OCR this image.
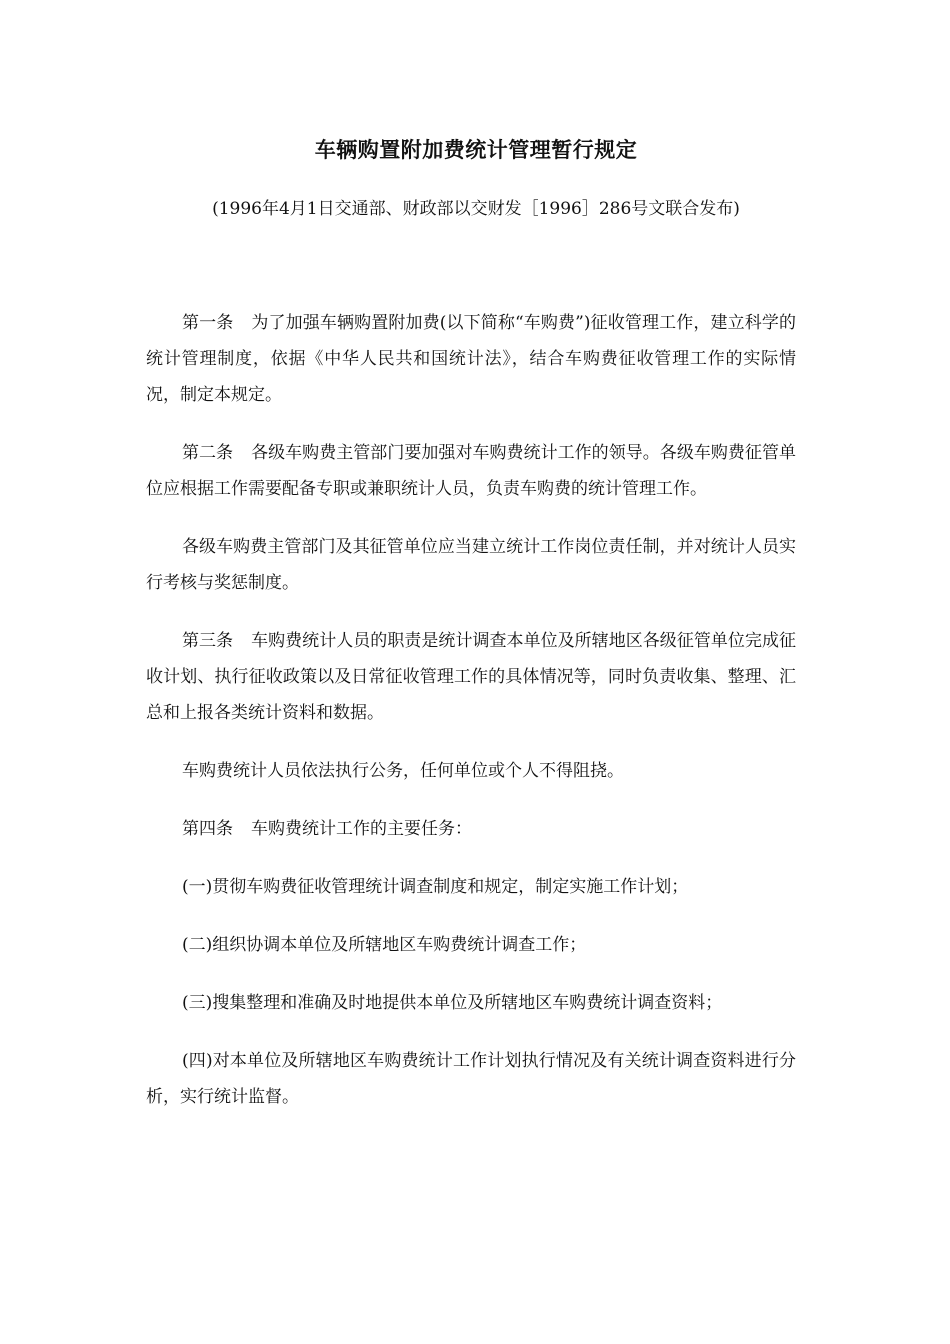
车辆购置附加费统计管理暂行规定
(1996年4月1日交通部、财政部以交财发［1996］286号文联合发布)

第一条 为了加强车辆购置附加费(以下简称“车购费”)征收管理工作，建立科学的统计管理制度，依据《中华人民共和国统计法》，结合车购费征收管理工作的实际情况，制定本规定。

第二条 各级车购费主管部门要加强对车购费统计工作的领导。各级车购费征管单位应根据工作需要配备专职或兼职统计人员，负责车购费的统计管理工作。

各级车购费主管部门及其征管单位应当建立统计工作岗位责任制，并对统计人员实行考核与奖惩制度。

第三条 车购费统计人员的职责是统计调查本单位及所辖地区各级征管单位完成征收计划、执行征收政策以及日常征收管理工作的具体情况等，同时负责收集、整理、汇总和上报各类统计资料和数据。

车购费统计人员依法执行公务，任何单位或个人不得阻挠。

第四条 车购费统计工作的主要任务：

(一)贯彻车购费征收管理统计调查制度和规定，制定实施工作计划；

(二)组织协调本单位及所辖地区车购费统计调查工作；

(三)搜集整理和准确及时地提供本单位及所辖地区车购费统计调查资料；

(四)对本单位及所辖地区车购费统计工作计划执行情况及有关统计调查资料进行分析，实行统计监督。
